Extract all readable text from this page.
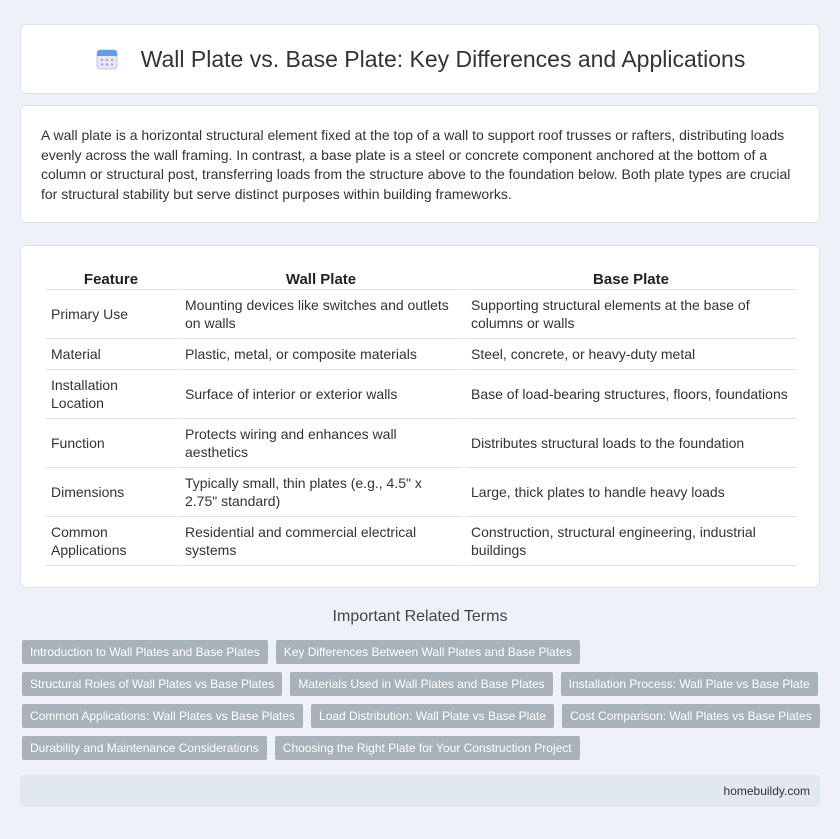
Wall Plate vs. Base Plate: Key Differences and Applications

A wall plate is a horizontal structural element fixed at the top of a wall to support roof trusses or rafters, distributing loads evenly across the wall framing. In contrast, a base plate is a steel or concrete component anchored at the bottom of a column or structural post, transferring loads from the structure above to the foundation below. Both plate types are crucial for structural stability but serve distinct purposes within building frameworks.

Feature	Wall Plate	Base Plate
Primary Use	Mounting devices like switches and outlets on walls	Supporting structural elements at the base of columns or walls
Material	Plastic, metal, or composite materials	Steel, concrete, or heavy-duty metal
Installation Location	Surface of interior or exterior walls	Base of load-bearing structures, floors, foundations
Function	Protects wiring and enhances wall aesthetics	Distributes structural loads to the foundation
Dimensions	Typically small, thin plates (e.g., 4.5" x 2.75" standard)	Large, thick plates to handle heavy loads
Common Applications	Residential and commercial electrical systems	Construction, structural engineering, industrial buildings
Important Related Terms
Introduction to Wall Plates and Base Plates	Key Differences Between Wall Plates and Base Plates
Structural Roles of Wall Plates vs Base Plates	Materials Used in Wall Plates and Base Plates	Installation Process: Wall Plate vs Base Plate
Common Applications: Wall Plates vs Base Plates	Load Distribution: Wall Plate vs Base Plate	Cost Comparison: Wall Plates vs Base Plates
Durability and Maintenance Considerations	Choosing the Right Plate for Your Construction Project
homebuildy.com
